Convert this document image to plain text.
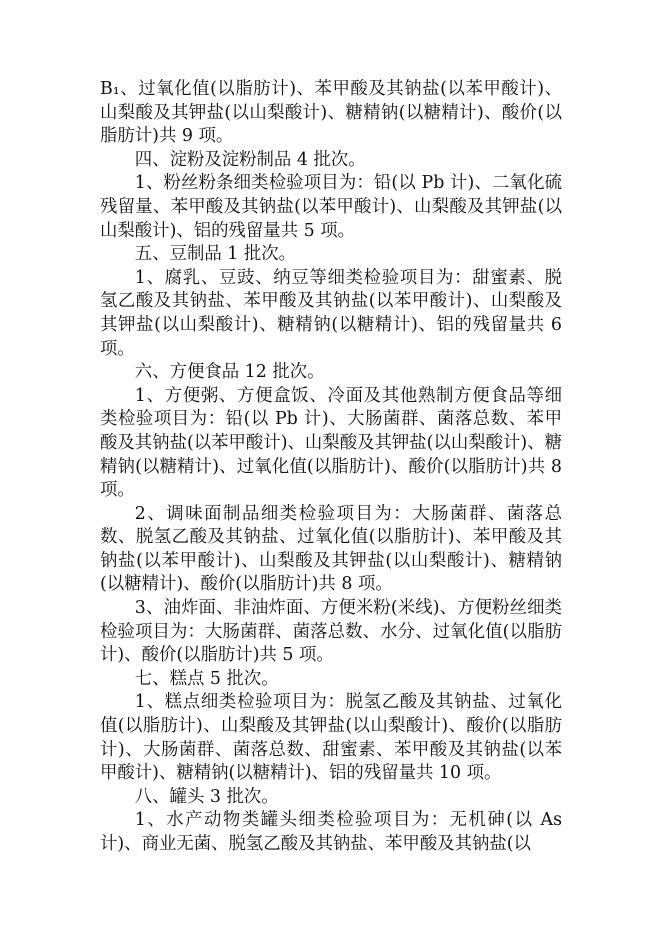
B₁、过氧化值(以脂肪计)、苯甲酸及其钠盐(以苯甲酸计)、山梨酸及其钾盐(以山梨酸计)、糖精钠(以糖精计)、酸价(以脂肪计)共 9 项。

四、淀粉及淀粉制品 4 批次。

1、粉丝粉条细类检验项目为：铅(以 Pb 计)、二氧化硫残留量、苯甲酸及其钠盐(以苯甲酸计)、山梨酸及其钾盐(以山梨酸计)、铝的残留量共 5 项。

五、豆制品 1 批次。

1、腐乳、豆豉、纳豆等细类检验项目为：甜蜜素、脱氢乙酸及其钠盐、苯甲酸及其钠盐(以苯甲酸计)、山梨酸及其钾盐(以山梨酸计)、糖精钠(以糖精计)、铝的残留量共 6 项。

六、方便食品 12 批次。

1、方便粥、方便盒饭、冷面及其他熟制方便食品等细类检验项目为：铅(以 Pb 计)、大肠菌群、菌落总数、苯甲酸及其钠盐(以苯甲酸计)、山梨酸及其钾盐(以山梨酸计)、糖精钠(以糖精计)、过氧化值(以脂肪计)、酸价(以脂肪计)共 8 项。

2、调味面制品细类检验项目为：大肠菌群、菌落总数、脱氢乙酸及其钠盐、过氧化值(以脂肪计)、苯甲酸及其钠盐(以苯甲酸计)、山梨酸及其钾盐(以山梨酸计)、糖精钠(以糖精计)、酸价(以脂肪计)共 8 项。

3、油炸面、非油炸面、方便米粉(米线)、方便粉丝细类检验项目为：大肠菌群、菌落总数、水分、过氧化值(以脂肪计)、酸价(以脂肪计)共 5 项。

七、糕点 5 批次。

1、糕点细类检验项目为：脱氢乙酸及其钠盐、过氧化值(以脂肪计)、山梨酸及其钾盐(以山梨酸计)、酸价(以脂肪计)、大肠菌群、菌落总数、甜蜜素、苯甲酸及其钠盐(以苯甲酸计)、糖精钠(以糖精计)、铝的残留量共 10 项。

八、罐头 3 批次。

1、水产动物类罐头细类检验项目为：无机砷(以 As 计)、商业无菌、脱氢乙酸及其钠盐、苯甲酸及其钠盐(以
